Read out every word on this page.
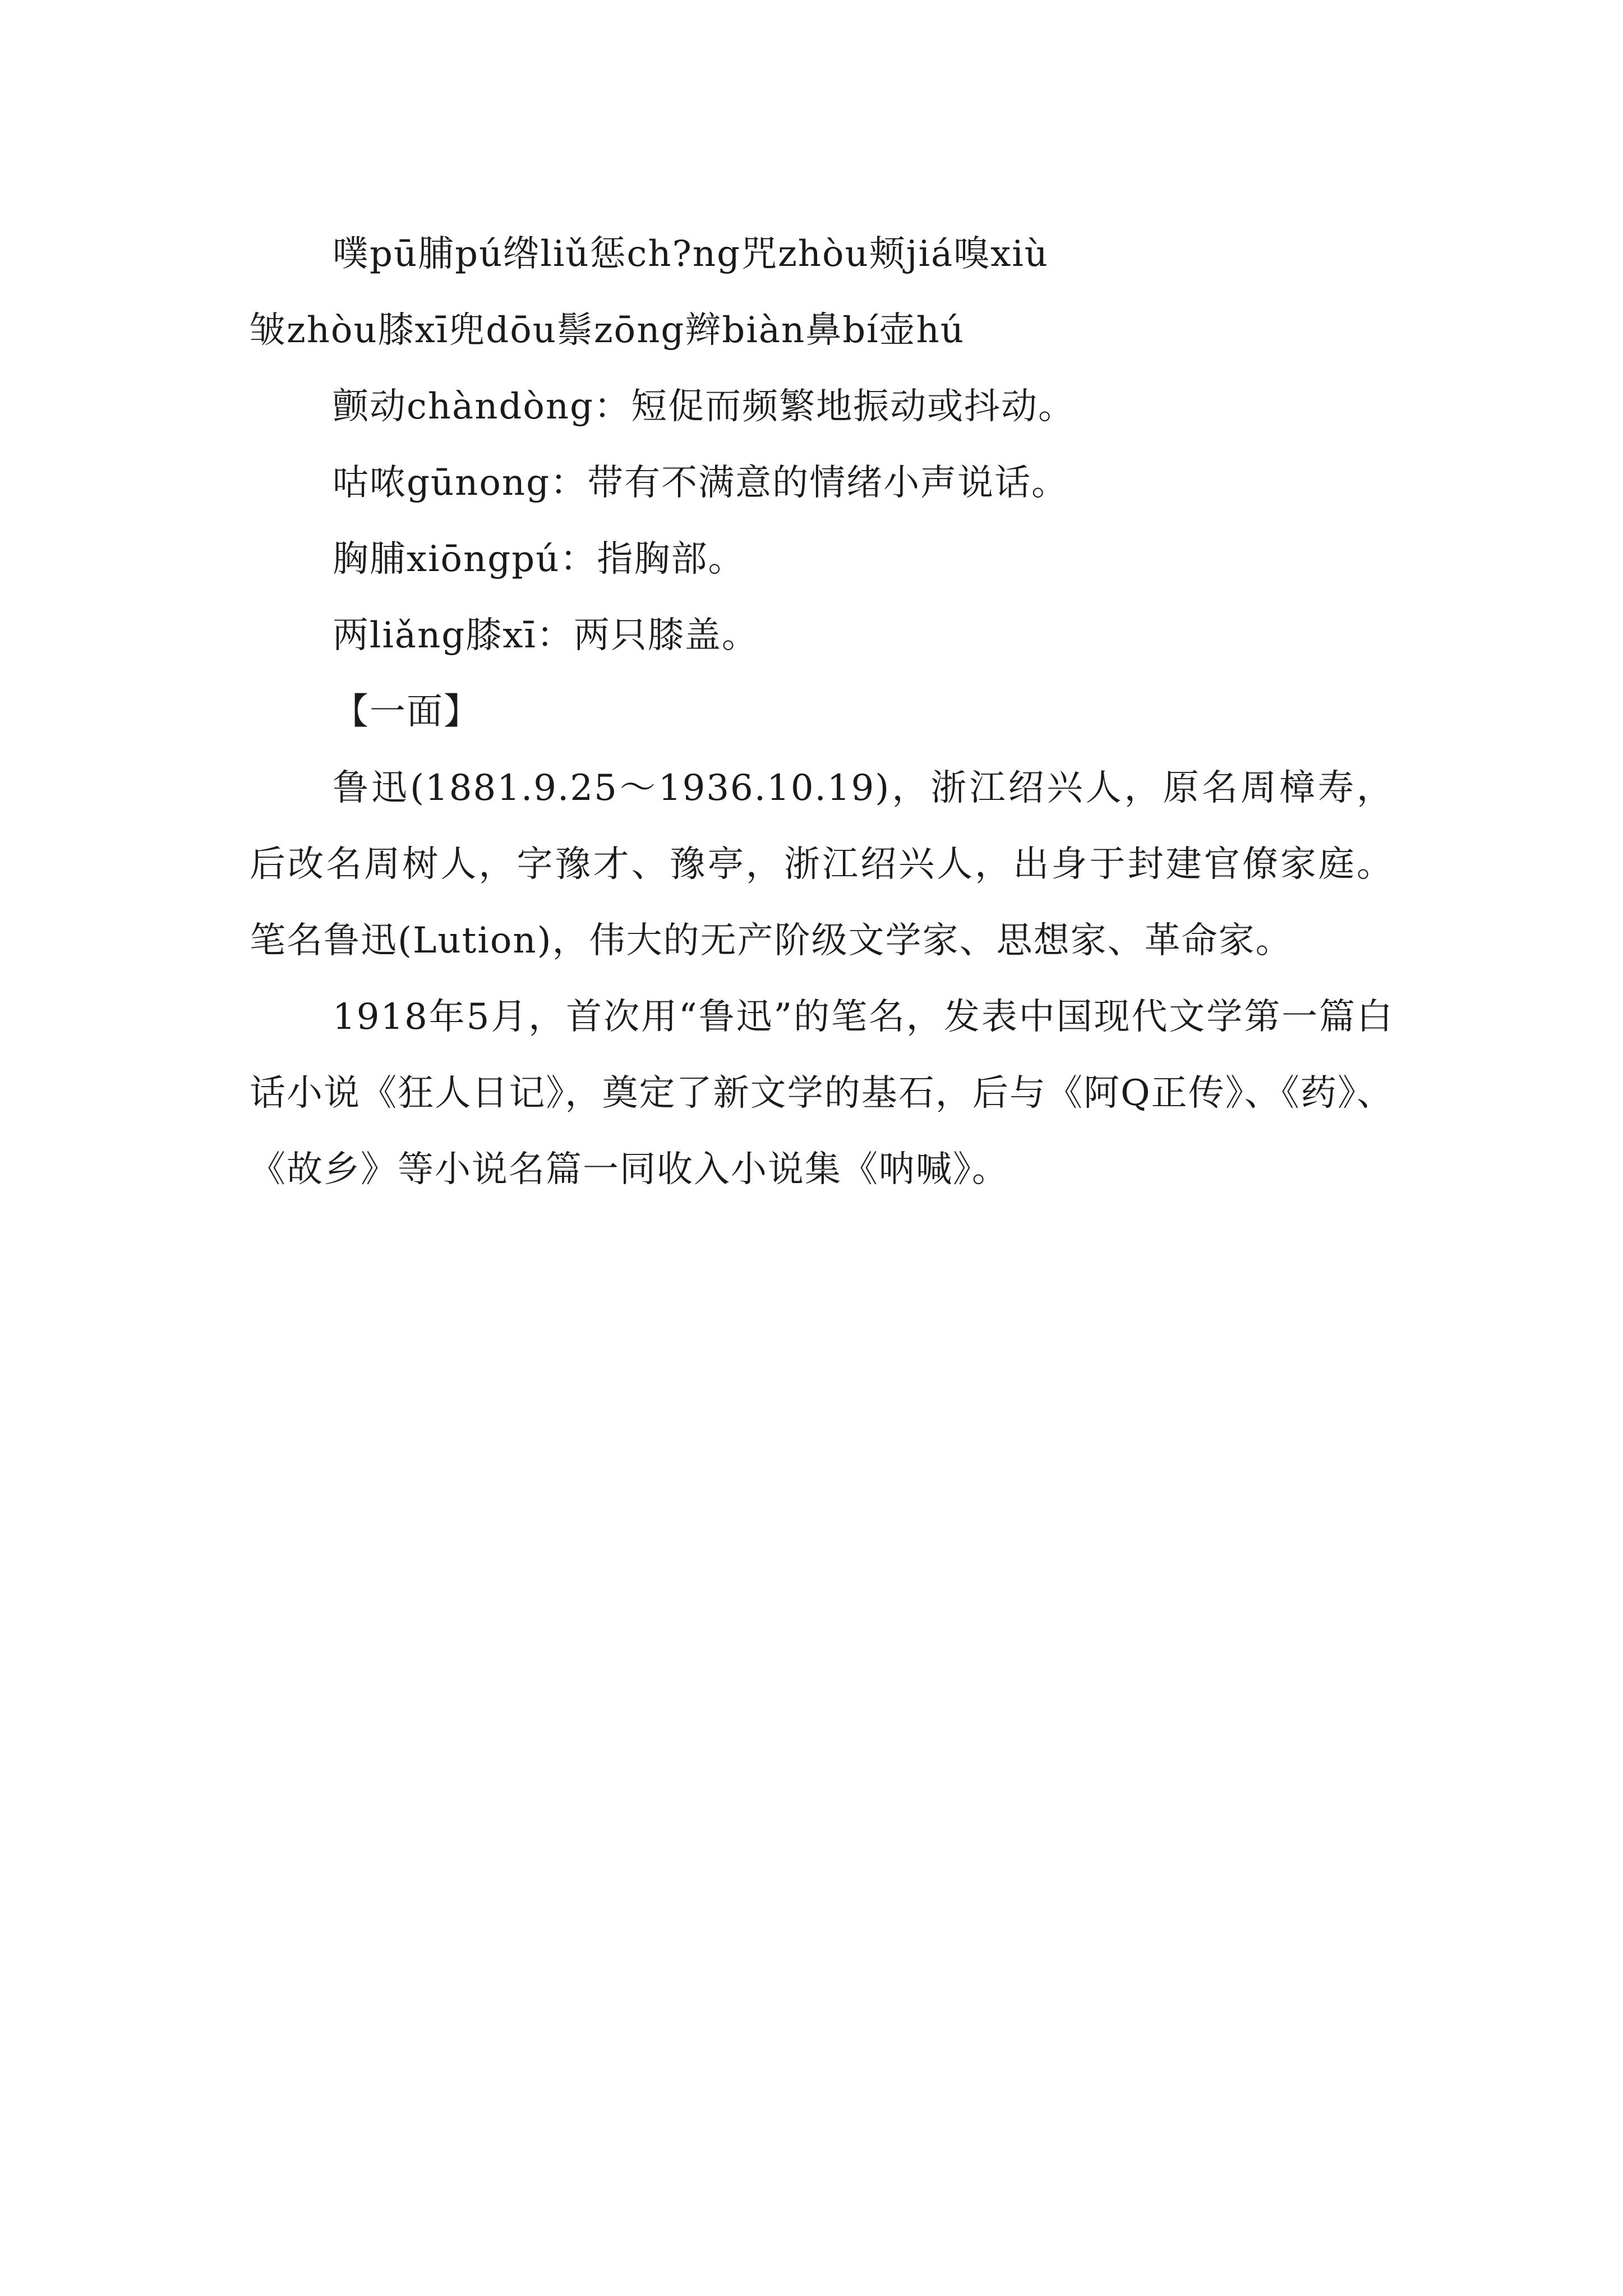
噗pū脯pú绺liǔ惩ch?ng咒zhòu颊jiá嗅xiù
皱zhòu膝xī兜dōu鬃zōng辫biàn鼻bí壶hú

颤动chàndòng：短促而频繁地振动或抖动。

咕哝gūnong：带有不满意的情绪小声说话。

胸脯xiōngpú：指胸部。

两liǎng膝xī：两只膝盖。

【一面】

鲁迅(1881.9.25～1936.10.19)，浙江绍兴人，原名周樟寿，后改名周树人，字豫才、豫亭，浙江绍兴人，出身于封建官僚家庭。笔名鲁迅(Lution)，伟大的无产阶级文学家、思想家、革命家。

1918年5月，首次用“鲁迅”的笔名，发表中国现代文学第一篇白话小说《狂人日记》，奠定了新文学的基石，后与《阿Q正传》、《药》、《故乡》等小说名篇一同收入小说集《呐喊》。
